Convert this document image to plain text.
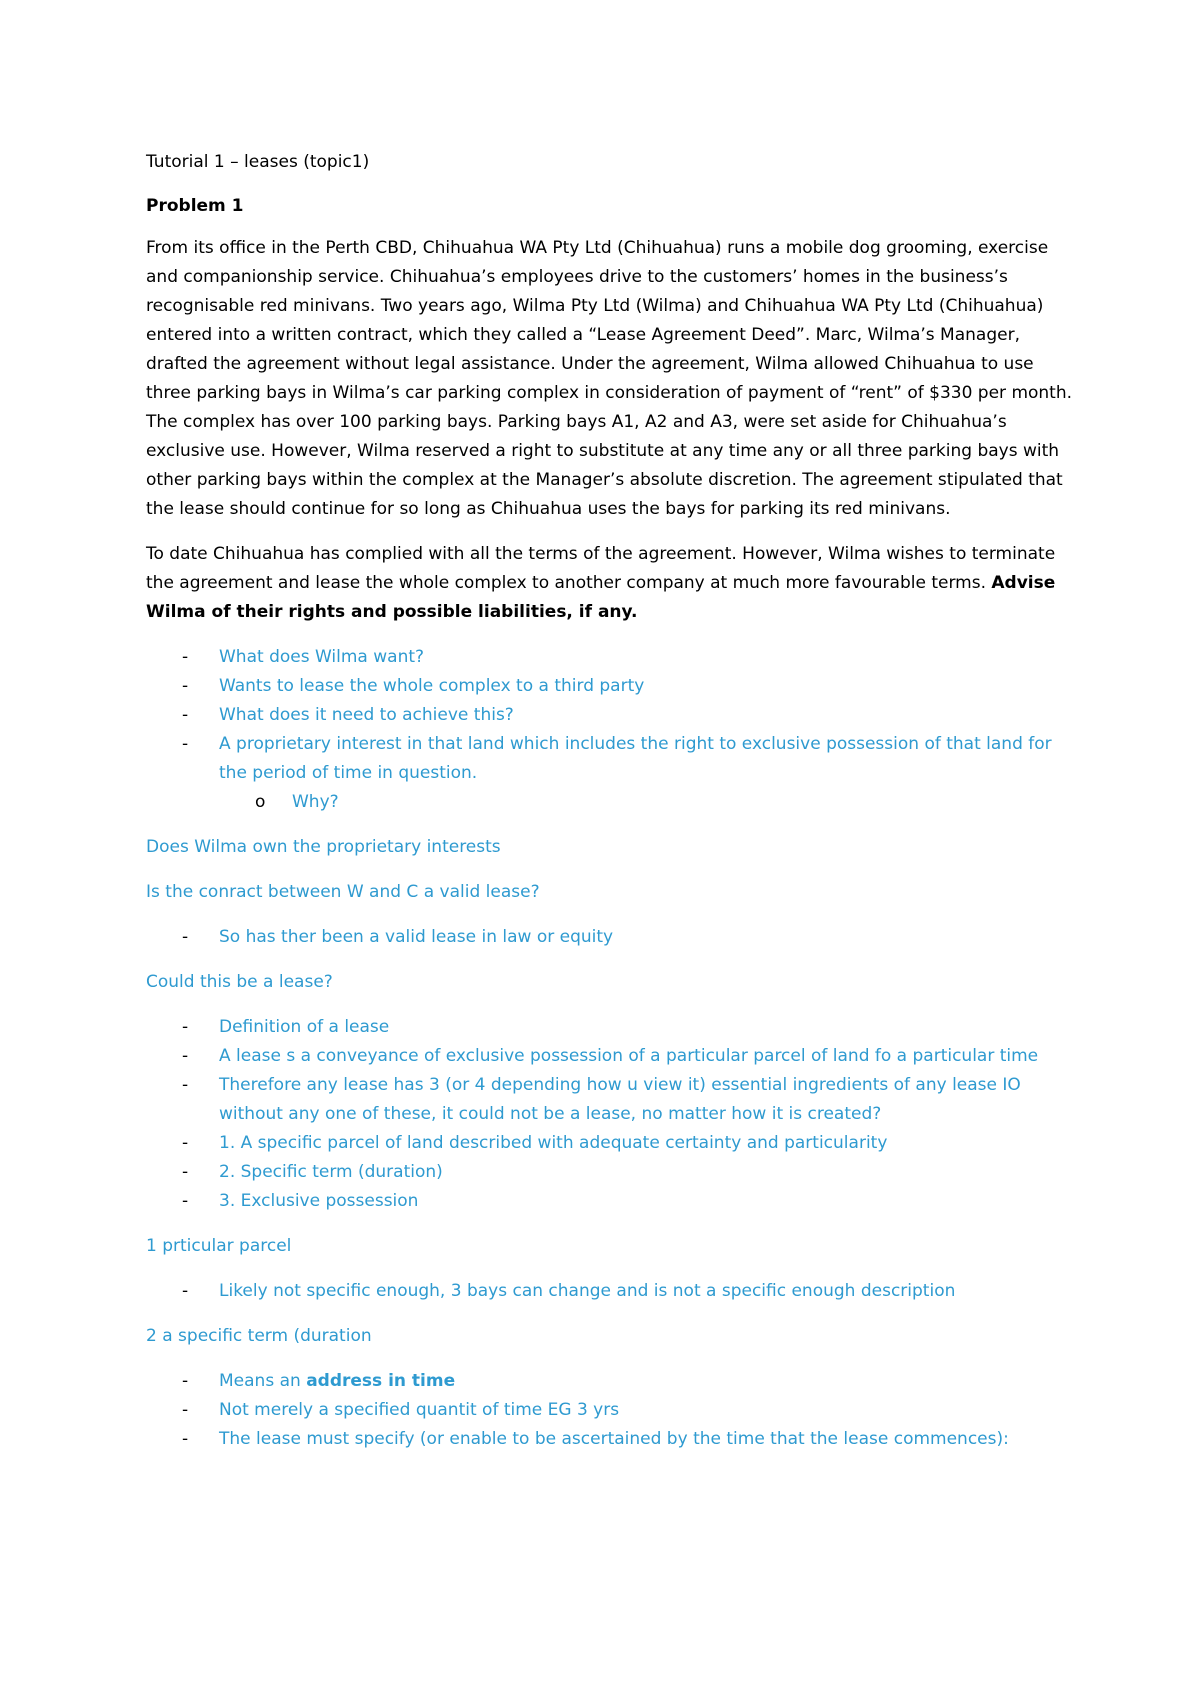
Tutorial 1 – leases (topic1)

Problem 1

From its office in the Perth CBD, Chihuahua WA Pty Ltd (Chihuahua) runs a mobile dog grooming, exercise and companionship service. Chihuahua’s employees drive to the customers’ homes in the business’s recognisable red minivans. Two years ago, Wilma Pty Ltd (Wilma) and Chihuahua WA Pty Ltd (Chihuahua) entered into a written contract, which they called a “Lease Agreement Deed”. Marc, Wilma’s Manager, drafted the agreement without legal assistance. Under the agreement, Wilma allowed Chihuahua to use three parking bays in Wilma’s car parking complex in consideration of payment of “rent” of $330 per month. The complex has over 100 parking bays. Parking bays A1, A2 and A3, were set aside for Chihuahua’s exclusive use. However, Wilma reserved a right to substitute at any time any or all three parking bays with other parking bays within the complex at the Manager’s absolute discretion. The agreement stipulated that the lease should continue for so long as Chihuahua uses the bays for parking its red minivans.

To date Chihuahua has complied with all the terms of the agreement. However, Wilma wishes to terminate the agreement and lease the whole complex to another company at much more favourable terms. Advise Wilma of their rights and possible liabilities, if any.

- What does Wilma want?
- Wants to lease the whole complex to a third party
- What does it need to achieve this?
- A proprietary interest in that land which includes the right to exclusive possession of that land for the period of time in question.
o Why?

Does Wilma own the proprietary interests

Is the conract between W and C a valid lease?

- So has ther been a valid lease in law or equity

Could this be a lease?

- Definition of a lease
- A lease s a conveyance of exclusive possession of a particular parcel of land fo a particular time
- Therefore any lease has 3 (or 4 depending how u view it) essential ingredients of any lease IO without any one of these, it could not be a lease, no matter how it is created?
- 1. A specific parcel of land described with adequate certainty and particularity
- 2. Specific term (duration)
- 3. Exclusive possession

1 prticular parcel

- Likely not specific enough, 3 bays can change and is not a specific enough description

2 a specific term (duration

- Means an address in time
- Not merely a specified quantit of time EG 3 yrs
- The lease must specify (or enable to be ascertained by the time that the lease commences):
